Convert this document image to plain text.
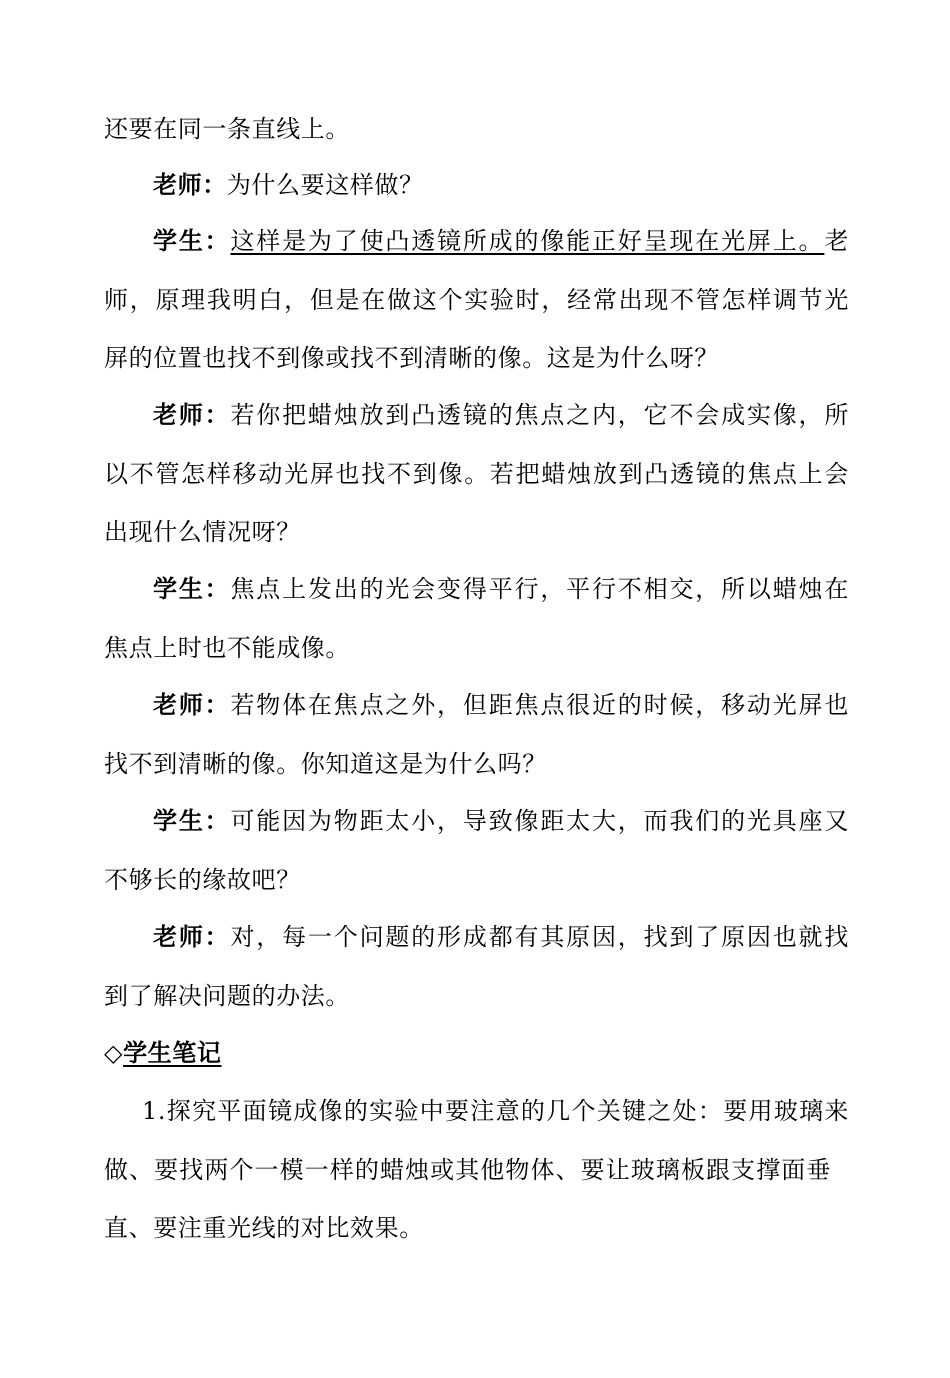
还要在同一条直线上。
老师：为什么要这样做？
学生：这样是为了使凸透镜所成的像能正好呈现在光屏上。老
师，原理我明白，但是在做这个实验时，经常出现不管怎样调节光
屏的位置也找不到像或找不到清晰的像。这是为什么呀？
老师：若你把蜡烛放到凸透镜的焦点之内，它不会成实像，所
以不管怎样移动光屏也找不到像。若把蜡烛放到凸透镜的焦点上会
出现什么情况呀？
学生：焦点上发出的光会变得平行，平行不相交，所以蜡烛在
焦点上时也不能成像。
老师：若物体在焦点之外，但距焦点很近的时候，移动光屏也
找不到清晰的像。你知道这是为什么吗？
学生：可能因为物距太小，导致像距太大，而我们的光具座又
不够长的缘故吧？
老师：对，每一个问题的形成都有其原因，找到了原因也就找
到了解决问题的办法。
◇学生笔记
1.探究平面镜成像的实验中要注意的几个关键之处：要用玻璃来
做、要找两个一模一样的蜡烛或其他物体、要让玻璃板跟支撑面垂
直、要注重光线的对比效果。
